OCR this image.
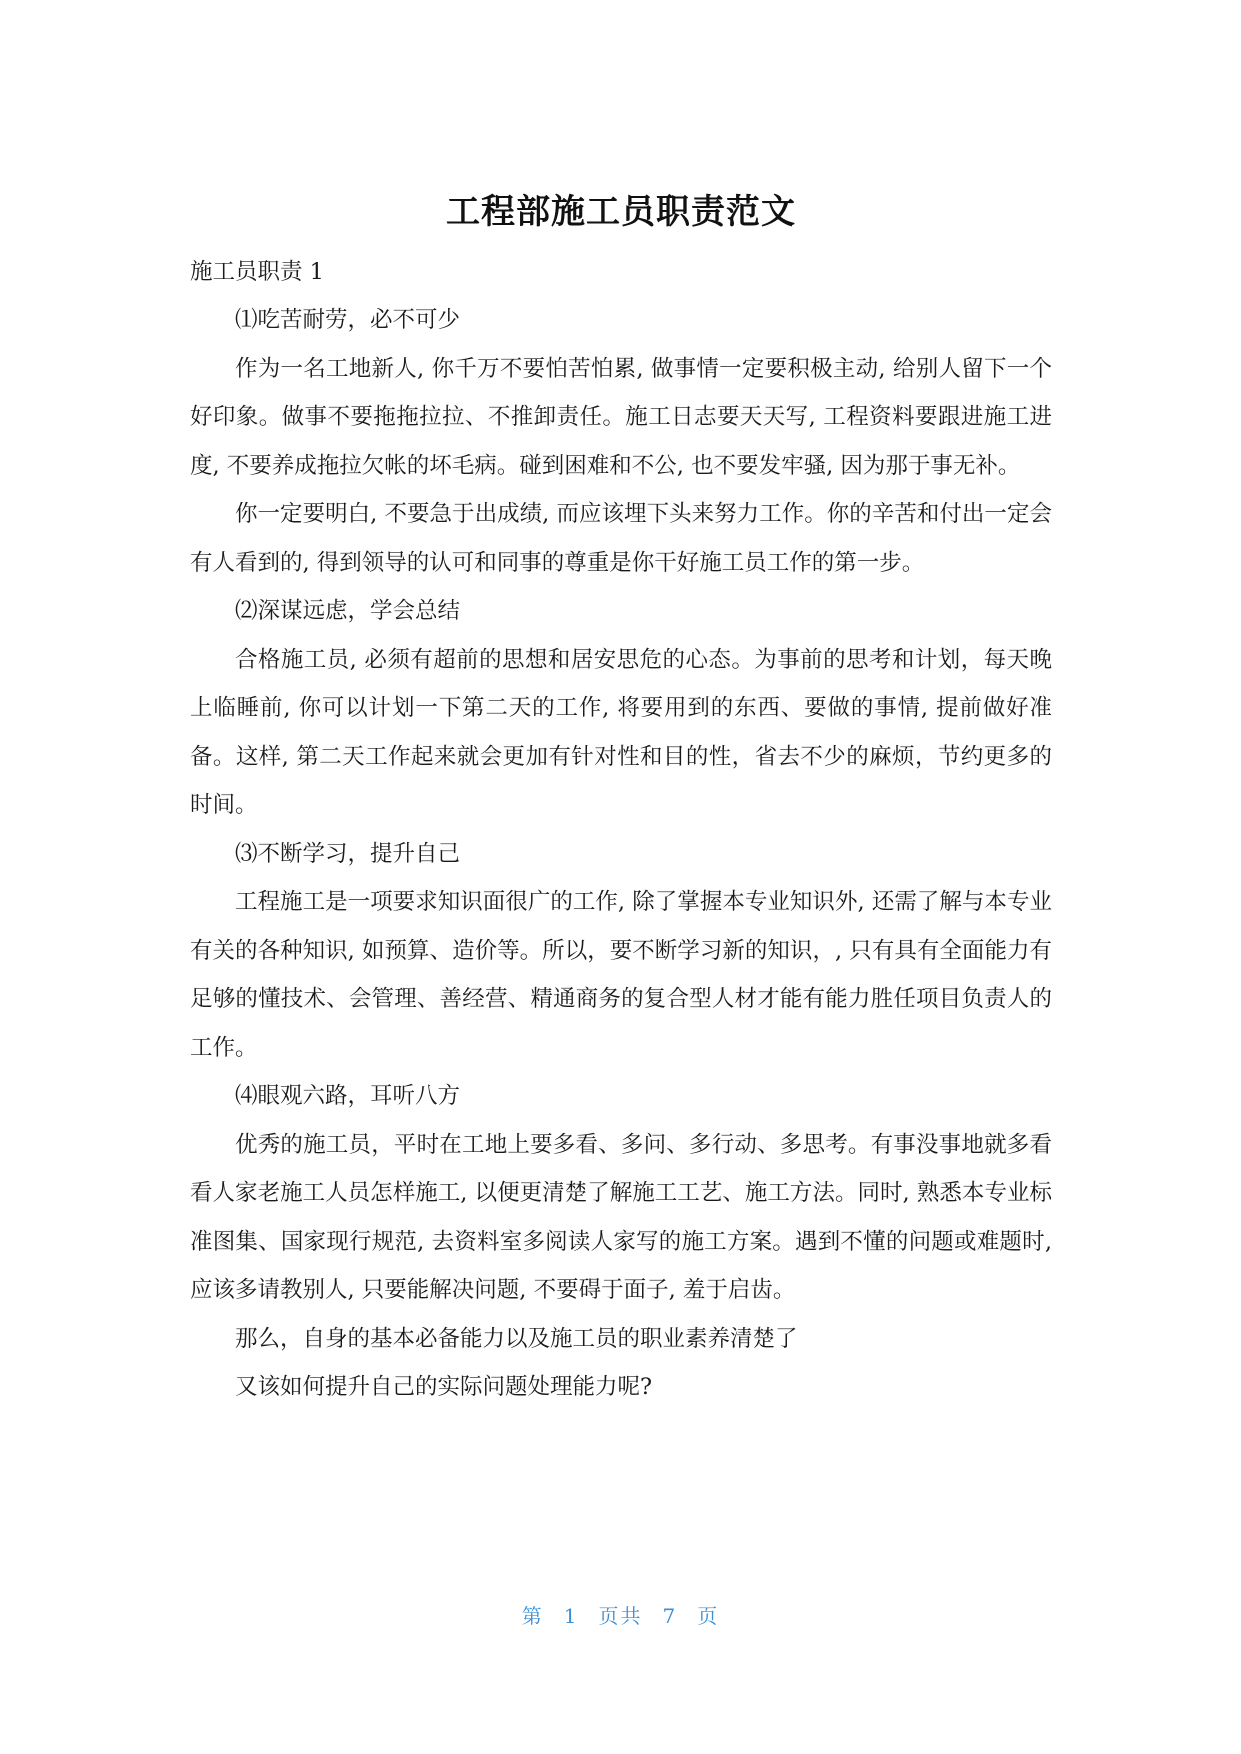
工程部施工员职责范文

施工员职责 1

⑴吃苦耐劳，必不可少

作为一名工地新人, 你千万不要怕苦怕累, 做事情一定要积极主动, 给别人留下一个好印象。做事不要拖拖拉拉、不推卸责任。施工日志要天天写, 工程资料要跟进施工进度, 不要养成拖拉欠帐的坏毛病。碰到困难和不公, 也不要发牢骚, 因为那于事无补。

你一定要明白, 不要急于出成绩, 而应该埋下头来努力工作。你的辛苦和付出一定会有人看到的, 得到领导的认可和同事的尊重是你干好施工员工作的第一步。

⑵深谋远虑，学会总结

合格施工员, 必须有超前的思想和居安思危的心态。为事前的思考和计划，每天晚上临睡前, 你可以计划一下第二天的工作, 将要用到的东西、要做的事情, 提前做好准备。这样, 第二天工作起来就会更加有针对性和目的性，省去不少的麻烦，节约更多的时间。

⑶不断学习，提升自己

工程施工是一项要求知识面很广的工作, 除了掌握本专业知识外, 还需了解与本专业有关的各种知识, 如预算、造价等。所以，要不断学习新的知识，, 只有具有全面能力有足够的懂技术、会管理、善经营、精通商务的复合型人材才能有能力胜任项目负责人的工作。

⑷眼观六路，耳听八方

优秀的施工员，平时在工地上要多看、多问、多行动、多思考。有事没事地就多看看人家老施工人员怎样施工, 以便更清楚了解施工工艺、施工方法。同时, 熟悉本专业标准图集、国家现行规范, 去资料室多阅读人家写的施工方案。遇到不懂的问题或难题时, 应该多请教别人, 只要能解决问题, 不要碍于面子, 羞于启齿。

那么，自身的基本必备能力以及施工员的职业素养清楚了

又该如何提升自己的实际问题处理能力呢?

第 1 页共 7 页
